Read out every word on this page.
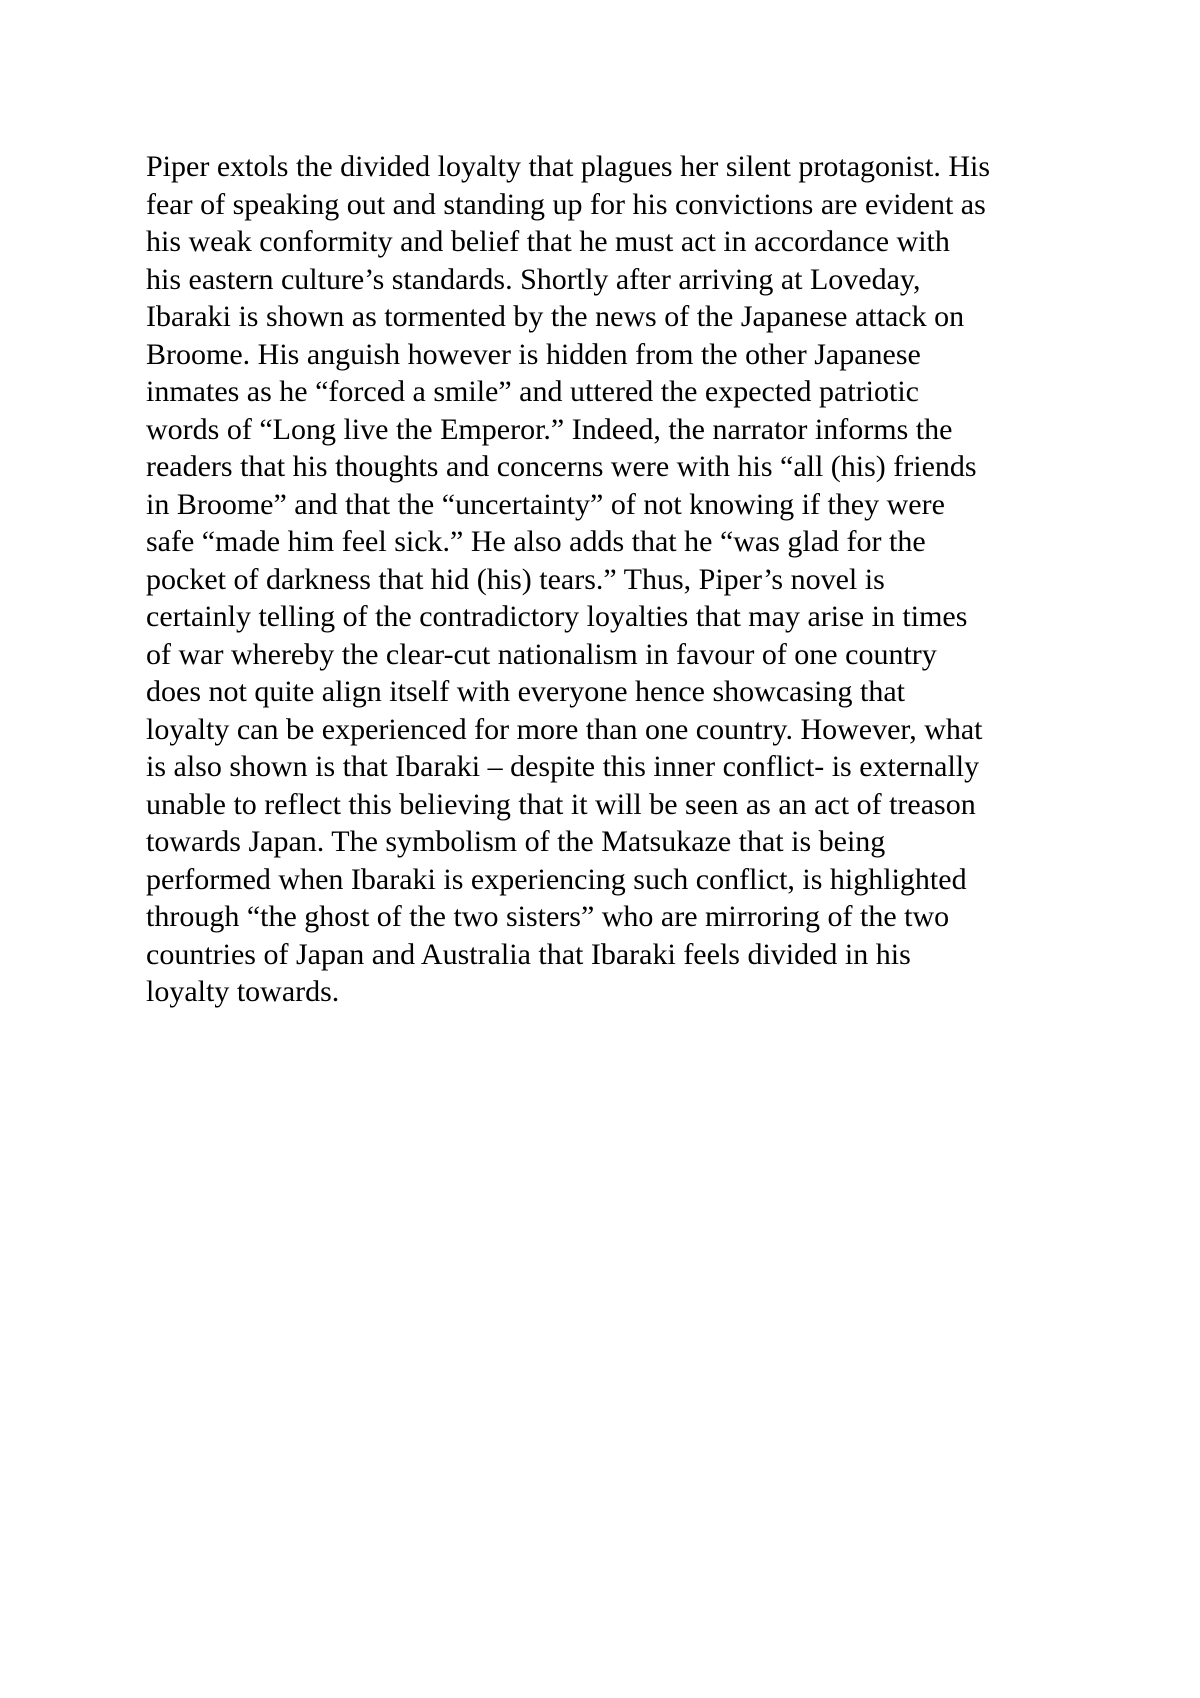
Piper extols the divided loyalty that plagues her silent protagonist. His
fear of speaking out and standing up for his convictions are evident as
his weak conformity and belief that he must act in accordance with
his eastern culture’s standards. Shortly after arriving at Loveday,
Ibaraki is shown as tormented by the news of the Japanese attack on
Broome. His anguish however is hidden from the other Japanese
inmates as he “forced a smile” and uttered the expected patriotic
words of “Long live the Emperor.” Indeed, the narrator informs the
readers that his thoughts and concerns were with his “all (his) friends
in Broome” and that the “uncertainty” of not knowing if they were
safe “made him feel sick.” He also adds that he “was glad for the
pocket of darkness that hid (his) tears.” Thus, Piper’s novel is
certainly telling of the contradictory loyalties that may arise in times
of war whereby the clear-cut nationalism in favour of one country
does not quite align itself with everyone hence showcasing that
loyalty can be experienced for more than one country. However, what
is also shown is that Ibaraki – despite this inner conflict- is externally
unable to reflect this believing that it will be seen as an act of treason
towards Japan. The symbolism of the Matsukaze that is being
performed when Ibaraki is experiencing such conflict, is highlighted
through “the ghost of the two sisters” who are mirroring of the two
countries of Japan and Australia that Ibaraki feels divided in his
loyalty towards.
